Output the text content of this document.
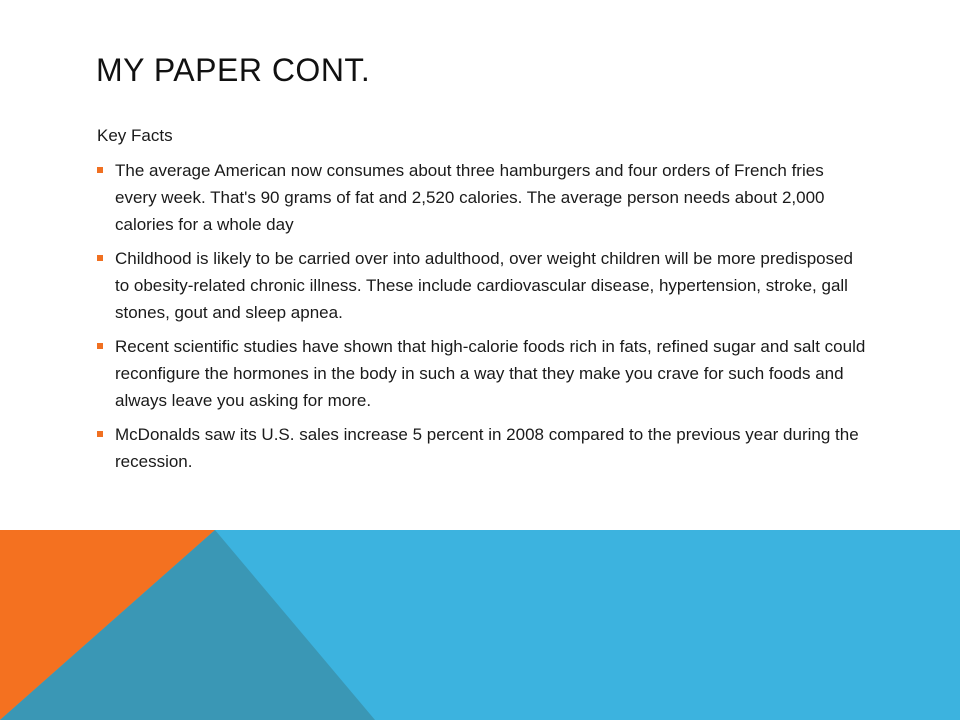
MY PAPER CONT.

Key Facts

The average American now consumes about three hamburgers and four orders of French fries every week. That's 90 grams of fat and 2,520 calories. The average person needs about 2,000 calories for a whole day
Childhood is likely to be carried over into adulthood, over weight children will be more predisposed to obesity-related chronic illness. These include cardiovascular disease, hypertension, stroke, gall stones, gout and sleep apnea.
Recent scientific studies have shown that high-calorie foods rich in fats, refined sugar and salt could reconfigure the hormones in the body in such a way that they make you crave for such foods and always leave you asking for more.
McDonalds saw its U.S. sales increase 5 percent in 2008 compared to the previous year during the recession.
